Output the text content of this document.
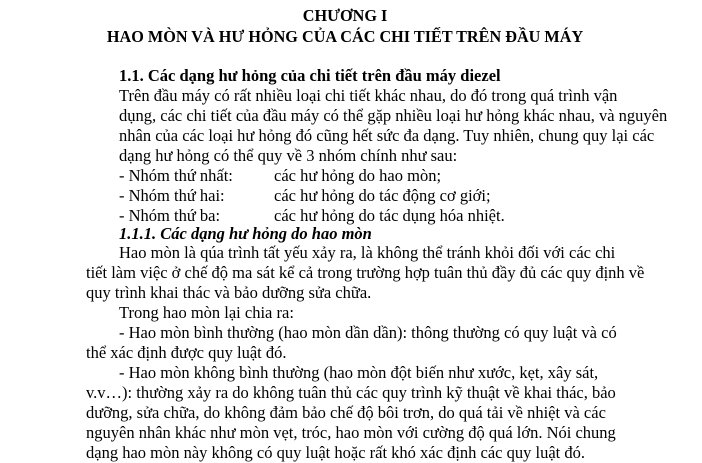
CHƯƠNG I
HAO MÒN VÀ HƯ HỎNG CỦA CÁC CHI TIẾT TRÊN ĐẦU MÁY
1.1. Các dạng hư hỏng của chi tiết trên đầu máy diezel
Trên đầu máy có rất nhiều loại chi tiết khác nhau, do đó trong quá trình vận
dụng, các chi tiết của đầu máy có thể gặp nhiều loại hư hỏng khác nhau, và nguyên
nhân của các loại hư hỏng đó cũng hết sức đa dạng. Tuy nhiên, chung quy lại các
dạng hư hỏng có thể quy về 3 nhóm chính như sau:
- Nhóm thứ nhất: các hư hỏng do hao mòn;
- Nhóm thứ hai:	các hư hỏng do tác động cơ giới;
- Nhóm thứ ba:	các hư hỏng do tác dụng hóa nhiệt.
1.1.1. Các dạng hư hỏng do hao mòn
Hao mòn là qúa trình tất yếu xảy ra, là không thể tránh khỏi đối với các chi
tiết làm việc ở chế độ ma sát kể cả trong trường hợp tuân thủ đầy đủ các quy định về
quy trình khai thác và bảo dưỡng sửa chữa.
Trong hao mòn lại chia ra:
- Hao mòn bình thường (hao mòn dần dần): thông thường có quy luật và có
thể xác định được quy luật đó.
- Hao mòn không bình thường (hao mòn đột biến như xước, kẹt, xây sát,
v.v…): thường xảy ra do không tuân thủ các quy trình kỹ thuật về khai thác, bảo
dưỡng, sửa chữa, do không đảm bảo chế độ bôi trơn, do quá tải về nhiệt và các
nguyên nhân khác như mòn vẹt, tróc, hao mòn với cường độ quá lớn. Nói chung
dạng hao mòn này không có quy luật hoặc rất khó xác định các quy luật đó.
